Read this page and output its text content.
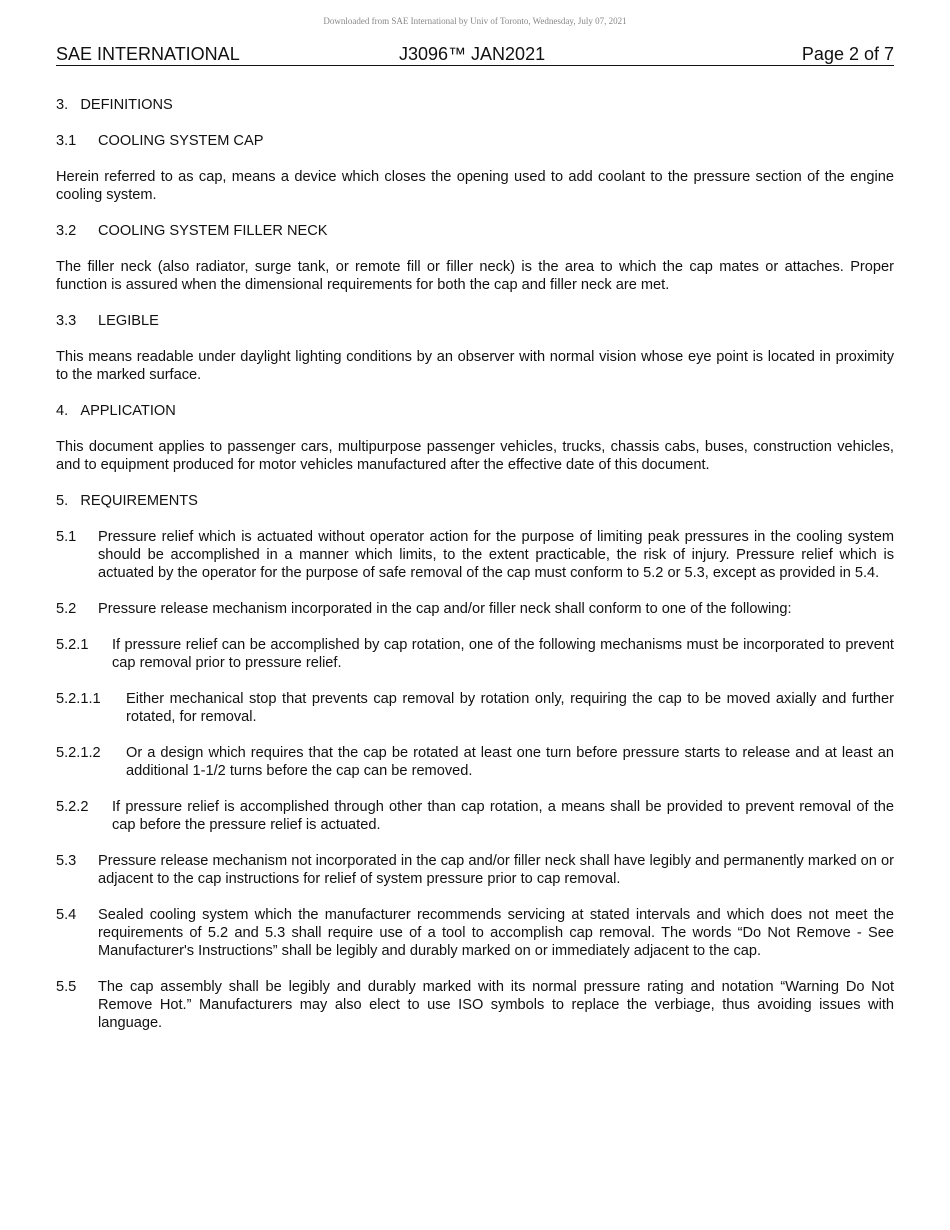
Downloaded from SAE International by Univ of Toronto, Wednesday, July 07, 2021
SAE INTERNATIONAL	J3096™ JAN2021	Page 2 of 7
3. DEFINITIONS
3.1 COOLING SYSTEM CAP

Herein referred to as cap, means a device which closes the opening used to add coolant to the pressure section of the engine cooling system.

3.2 COOLING SYSTEM FILLER NECK

The filler neck (also radiator, surge tank, or remote fill or filler neck) is the area to which the cap mates or attaches. Proper function is assured when the dimensional requirements for both the cap and filler neck are met.

3.3 LEGIBLE

This means readable under daylight lighting conditions by an observer with normal vision whose eye point is located in proximity to the marked surface.

4. APPLICATION

This document applies to passenger cars, multipurpose passenger vehicles, trucks, chassis cabs, buses, construction vehicles, and to equipment produced for motor vehicles manufactured after the effective date of this document.

5. REQUIREMENTS
5.1 Pressure relief which is actuated without operator action for the purpose of limiting peak pressures in the cooling system should be accomplished in a manner which limits, to the extent practicable, the risk of injury. Pressure relief which is actuated by the operator for the purpose of safe removal of the cap must conform to 5.2 or 5.3, except as provided in 5.4.
5.2 Pressure release mechanism incorporated in the cap and/or filler neck shall conform to one of the following:
5.2.1 If pressure relief can be accomplished by cap rotation, one of the following mechanisms must be incorporated to prevent cap removal prior to pressure relief.
5.2.1.1 Either mechanical stop that prevents cap removal by rotation only, requiring the cap to be moved axially and further rotated, for removal.
5.2.1.2 Or a design which requires that the cap be rotated at least one turn before pressure starts to release and at least an additional 1-1/2 turns before the cap can be removed.
5.2.2 If pressure relief is accomplished through other than cap rotation, a means shall be provided to prevent removal of the cap before the pressure relief is actuated.
5.3 Pressure release mechanism not incorporated in the cap and/or filler neck shall have legibly and permanently marked on or adjacent to the cap instructions for relief of system pressure prior to cap removal.
5.4 Sealed cooling system which the manufacturer recommends servicing at stated intervals and which does not meet the requirements of 5.2 and 5.3 shall require use of a tool to accomplish cap removal. The words “Do Not Remove - See Manufacturer's Instructions” shall be legibly and durably marked on or immediately adjacent to the cap.
5.5 The cap assembly shall be legibly and durably marked with its normal pressure rating and notation “Warning Do Not Remove Hot.” Manufacturers may also elect to use ISO symbols to replace the verbiage, thus avoiding issues with language.
